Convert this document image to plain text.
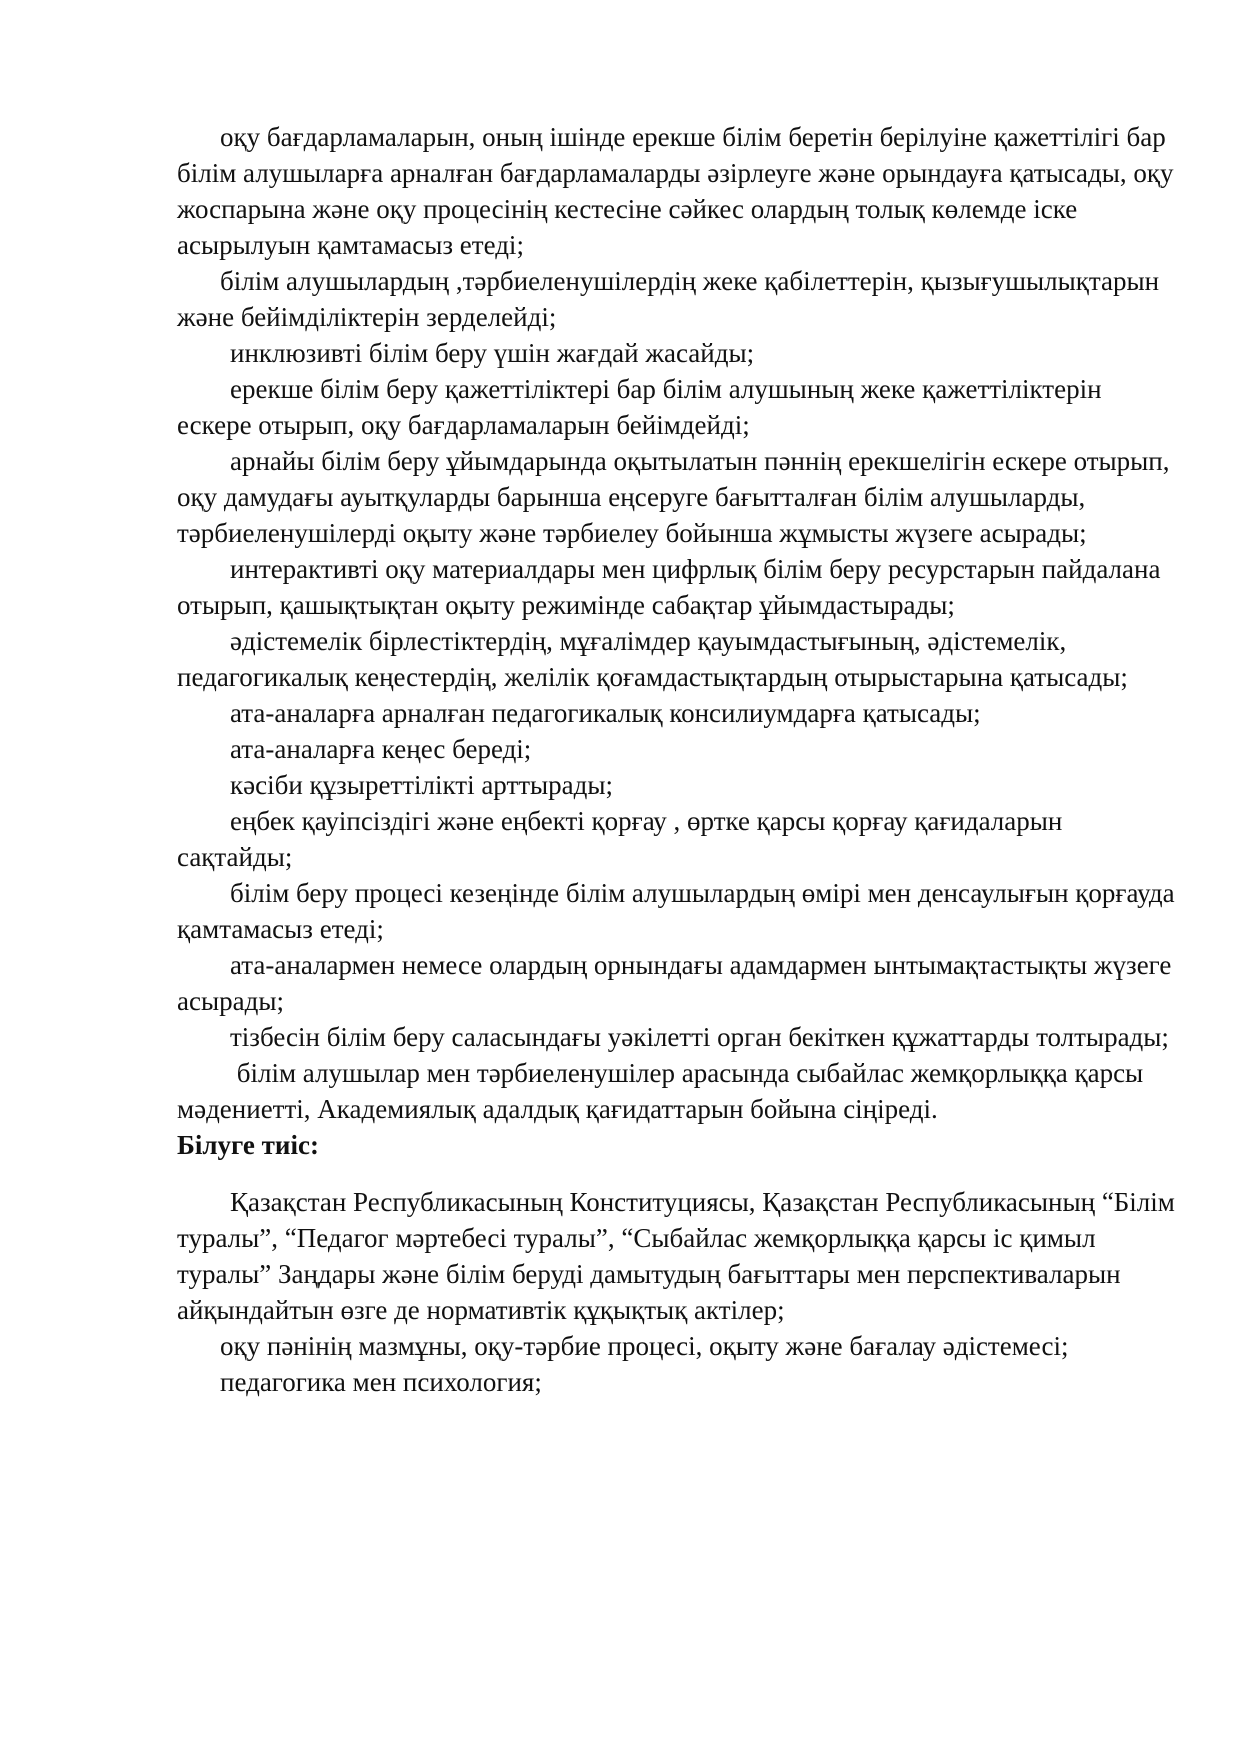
оқу бағдарламаларын, оның ішінде ерекше білім беретін берілуіне қажеттілігі бар білім алушыларға арналған бағдарламаларды әзірлеуге және орындауға қатысады, оқу жоспарына және оқу процесінің кестесіне сәйкес олардың толық көлемде іске асырылуын қамтамасыз етеді;

білім алушылардың ,тәрбиеленушілердің жеке қабілеттерін, қызығушылықтарын және бейімділіктерін зерделейді;

инклюзивті білім беру үшін жағдай жасайды;

ерекше білім беру қажеттіліктері бар білім алушының жеке қажеттіліктерін ескере отырып, оқу бағдарламаларын бейімдейді;

арнайы білім беру ұйымдарында оқытылатын пәннің ерекшелігін ескере отырып, оқу дамудағы ауытқуларды барынша еңсеруге бағытталған білім алушыларды, тәрбиеленушілерді оқыту және тәрбиелеу бойынша жұмысты жүзеге асырады;

интерактивті оқу материалдары мен цифрлық білім беру ресурстарын пайдалана отырып, қашықтықтан оқыту режимінде сабақтар ұйымдастырады;

әдістемелік бірлестіктердің, мұғалімдер қауымдастығының, әдістемелік, педагогикалық кеңестердің, желілік қоғамдастықтардың отырыстарына қатысады;

ата-аналарға арналған педагогикалық консилиумдарға қатысады;

ата-аналарға кеңес береді;

кәсіби құзыреттілікті арттырады;

еңбек қауіпсіздігі және еңбекті қорғау , өртке қарсы қорғау қағидаларын сақтайды;

білім беру процесі кезеңінде білім алушылардың өмірі мен денсаулығын қорғауда қамтамасыз етеді;

ата-аналармен немесе олардың орнындағы адамдармен ынтымақтастықты жүзеге асырады;

тізбесін білім беру саласындағы уәкілетті орган бекіткен құжаттарды толтырады;

білім алушылар мен тәрбиеленушілер арасында сыбайлас жемқорлыққа қарсы мәдениетті, Академиялық адалдық қағидаттарын бойына сіңіреді.

Білуге тиіс:

Қазақстан Республикасының Конституциясы, Қазақстан Республикасының “Білім туралы”, “Педагог мәртебесі туралы”, “Сыбайлас жемқорлыққа қарсы іс қимыл туралы” Заңдары және білім беруді дамытудың бағыттары мен перспективаларын айқындайтын өзге де нормативтік құқықтық актілер;

оқу пәнінің мазмұны, оқу-тәрбие процесі, оқыту және бағалау әдістемесі;

педагогика мен психология;
